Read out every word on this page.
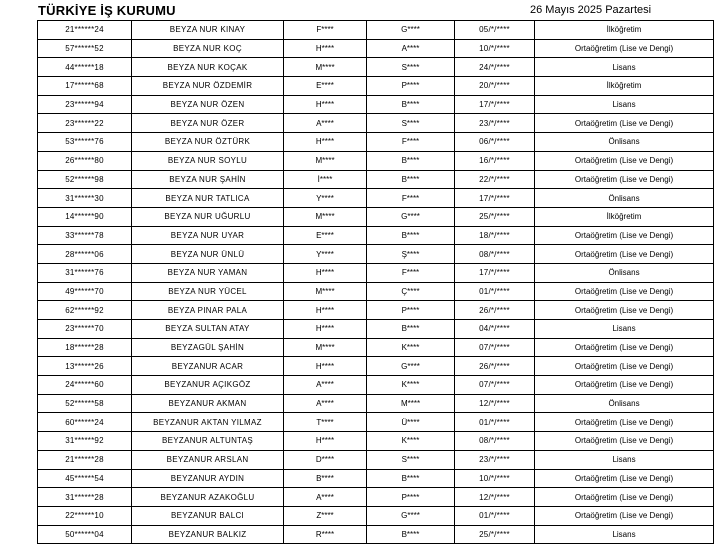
TÜRKİYE İŞ KURUMU	26 Mayıs 2025 Pazartesi
21******24	BEYZA NUR KINAY	F****	G****	05/*/****	İlköğretim
57******52	BEYZA NUR KOÇ	H****	A****	10/*/****	Ortaöğretim (Lise ve Dengi)
44******18	BEYZA NUR KOÇAK	M****	S****	24/*/****	Lisans
17******68	BEYZA NUR ÖZDEMİR	E****	P****	20/*/****	İlköğretim
23******94	BEYZA NUR ÖZEN	H****	B****	17/*/****	Lisans
23******22	BEYZA NUR ÖZER	A****	S****	23/*/****	Ortaöğretim (Lise ve Dengi)
53******76	BEYZA NUR ÖZTÜRK	H****	F****	06/*/****	Önlisans
26******80	BEYZA NUR SOYLU	M****	B****	16/*/****	Ortaöğretim (Lise ve Dengi)
52******98	BEYZA NUR ŞAHİN	İ****	B****	22/*/****	Ortaöğretim (Lise ve Dengi)
31******30	BEYZA NUR TATLICA	Y****	F****	17/*/****	Önlisans
14******90	BEYZA NUR UĞURLU	M****	G****	25/*/****	İlköğretim
33******78	BEYZA NUR UYAR	E****	B****	18/*/****	Ortaöğretim (Lise ve Dengi)
28******06	BEYZA NUR ÜNLÜ	Y****	Ş****	08/*/****	Ortaöğretim (Lise ve Dengi)
31******76	BEYZA NUR YAMAN	H****	F****	17/*/****	Önlisans
49******70	BEYZA NUR YÜCEL	M****	Ç****	01/*/****	Ortaöğretim (Lise ve Dengi)
62******92	BEYZA PINAR PALA	H****	P****	26/*/****	Ortaöğretim (Lise ve Dengi)
23******70	BEYZA SULTAN ATAY	H****	B****	04/*/****	Lisans
18******28	BEYZAGÜL ŞAHİN	M****	K****	07/*/****	Ortaöğretim (Lise ve Dengi)
13******26	BEYZANUR ACAR	H****	G****	26/*/****	Ortaöğretim (Lise ve Dengi)
24******60	BEYZANUR AÇIKGÖZ	A****	K****	07/*/****	Ortaöğretim (Lise ve Dengi)
52******58	BEYZANUR AKMAN	A****	M****	12/*/****	Önlisans
60******24	BEYZANUR AKTAN YILMAZ	T****	Ü****	01/*/****	Ortaöğretim (Lise ve Dengi)
31******92	BEYZANUR ALTUNTAŞ	H****	K****	08/*/****	Ortaöğretim (Lise ve Dengi)
21******28	BEYZANUR ARSLAN	D****	S****	23/*/****	Lisans
45******54	BEYZANUR AYDIN	B****	B****	10/*/****	Ortaöğretim (Lise ve Dengi)
31******28	BEYZANUR AZAKOĞLU	A****	P****	12/*/****	Ortaöğretim (Lise ve Dengi)
22******10	BEYZANUR BALCI	Z****	G****	01/*/****	Ortaöğretim (Lise ve Dengi)
50******04	BEYZANUR BALKIZ	R****	B****	25/*/****	Lisans
